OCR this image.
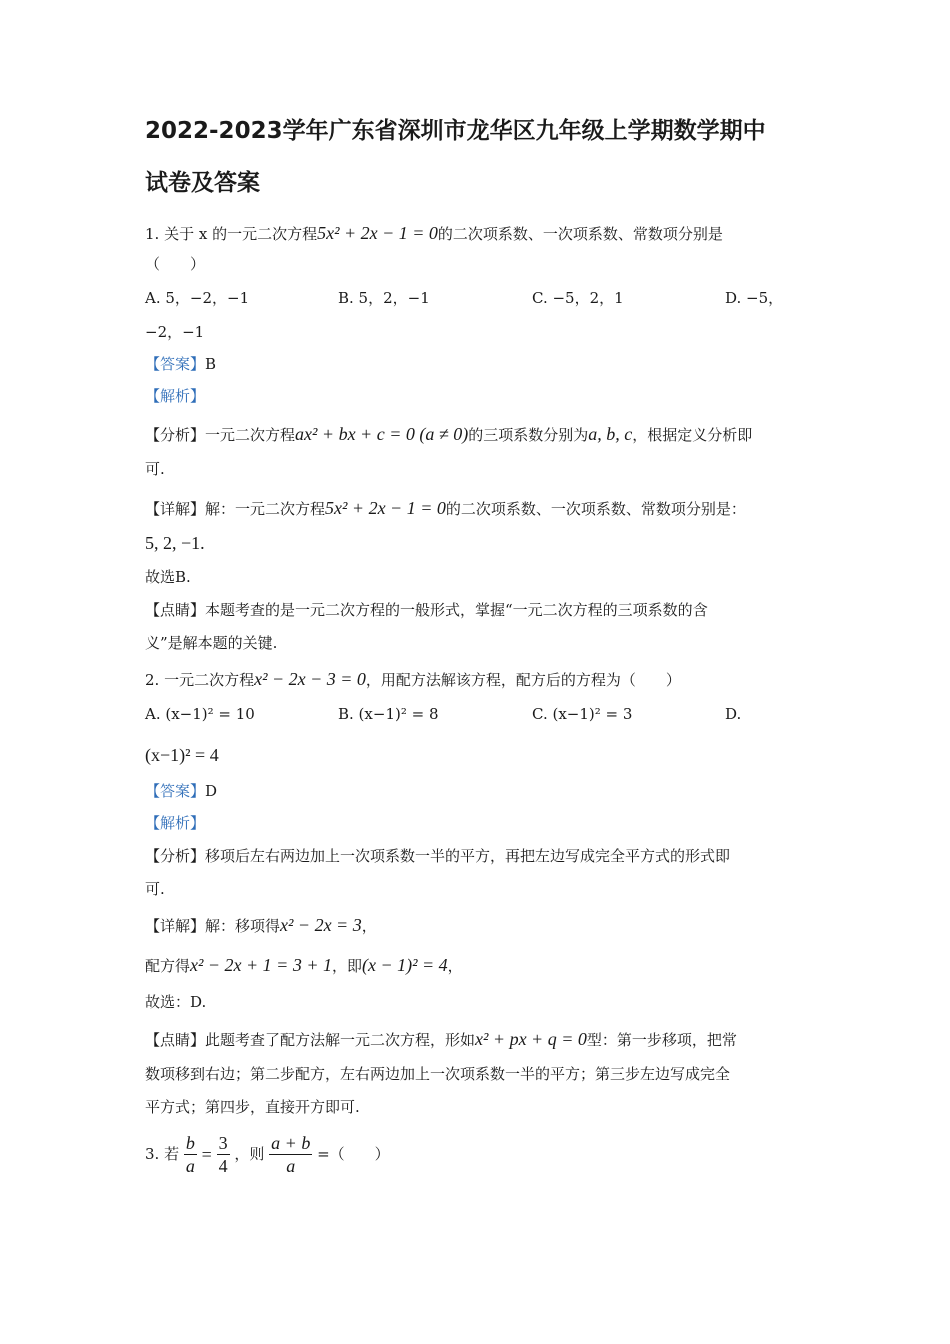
2022-2023学年广东省深圳市龙华区九年级上学期数学期中
试卷及答案
1. 关于 x 的一元二次方程5x² + 2x − 1 = 0的二次项系数、一次项系数、常数项分别是
（　　）
A. 5，−2，−1	B. 5，2，−1	C. −5，2，1	D. −5，
−2，−1
【答案】B
【解析】
【分析】一元二次方程ax² + bx + c = 0 (a ≠ 0)的三项系数分别为a, b, c，根据定义分析即
可.
【详解】解：一元二次方程5x² + 2x − 1 = 0的二次项系数、一次项系数、常数项分别是：
5, 2, −1.
故选B.
【点睛】本题考查的是一元二次方程的一般形式，掌握“一元二次方程的三项系数的含
义”是解本题的关键.
2. 一元二次方程x² − 2x − 3 = 0，用配方法解该方程，配方后的方程为（　　）
A. (x−1)² = 10	B. (x−1)² = 8	C. (x−1)² = 3	D.
(x−1)² = 4
【答案】D
【解析】
【分析】移项后左右两边加上一次项系数一半的平方，再把左边写成完全平方式的形式即
可.
【详解】解：移项得x² − 2x = 3，
配方得x² − 2x + 1 = 3 + 1，即(x − 1)² = 4，
故选：D.
【点睛】此题考查了配方法解一元二次方程，形如x² + px + q = 0型：第一步移项，把常
数项移到右边；第二步配方，左右两边加上一次项系数一半的平方；第三步左边写成完全
平方式；第四步，直接开方即可.
3. 若 $\frac{b}{a} = \frac{3}{4}$ ，则 $\frac{a + b}{a}$ =（　　）
